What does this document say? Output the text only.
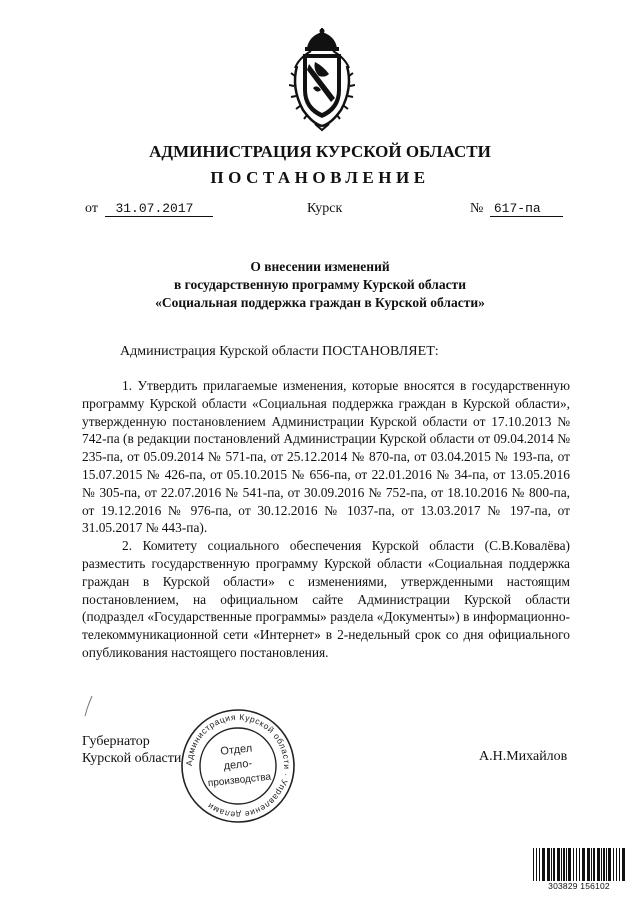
АДМИНИСТРАЦИЯ КУРСКОЙ ОБЛАСТИ
ПОСТАНОВЛЕНИЕ
от 31.07.2017	Курск	№ 617-па
О внесении изменений
в государственную программу Курской области
«Социальная поддержка граждан в Курской области»
Администрация Курской области ПОСТАНОВЛЯЕТ:

1. Утвердить прилагаемые изменения, которые вносятся в государственную программу Курской области «Социальная поддержка граждан в Курской области», утвержденную постановлением Администрации Курской области от 17.10.2013 № 742-па (в редакции постановлений Администрации Курской области от 09.04.2014 № 235-па, от 05.09.2014 № 571-па, от 25.12.2014 № 870-па, от 03.04.2015 № 193-па, от 15.07.2015 № 426-па, от 05.10.2015 № 656-па, от 22.01.2016 № 34-па, от 13.05.2016 № 305-па, от 22.07.2016 № 541-па, от 30.09.2016 № 752-па, от 18.10.2016 № 800-па, от 19.12.2016 № 976-па, от 30.12.2016 № 1037-па, от 13.03.2017 № 197-па, от 31.05.2017 № 443-па).

2. Комитету социального обеспечения Курской области (С.В.Ковалёва) разместить государственную программу Курской области «Социальная поддержка граждан в Курской области» с изменениями, утвержденными настоящим постановлением, на официальном сайте Администрации Курской области (подраздел «Государственные программы» раздела «Документы») в информационно-телекоммуникационной сети «Интернет» в 2-недельный срок со дня официального опубликования настоящего постановления.

Губернатор
Курской области	А.Н.Михайлов
Администрация Курской области · Управление делами
Отдел
дело-
производства
303829 156102
